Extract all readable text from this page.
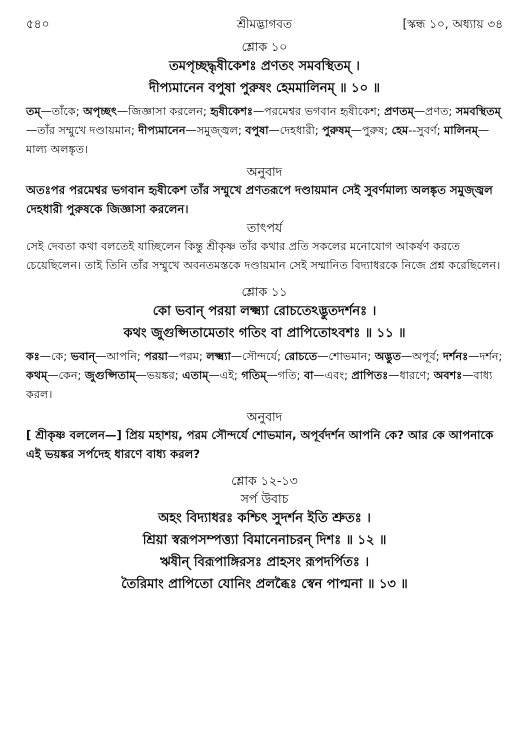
৫৪০	শ্রীমদ্ভাগবত	[স্কন্ধ ১০, অধ্যায় ৩৪

শ্লোক ১০

তমপৃচ্ছদ্ধৃষীকেশঃ প্রণতং সমবস্থিতম্ ।

দীপ্যমানেন বপুষা পুরুষং হেমমালিনম্ ॥ ১০ ॥

তম্—তাঁকে; অপৃচ্ছৎ—জিজ্ঞাসা করলেন; হৃষীকেশঃ—পরমেশ্বর ভগবান হৃষীকেশ; প্রণতম্—প্রণত; সমবস্থিতম্—তাঁর সম্মুখে দণ্ডায়মান; দীপ্যমানেন—সমুজ্জ্বল; বপুষা—দেহধারী; পুরুষম্—পুরুষ; হেম--সুবর্ণ; মালিনম্—মাল্য অলঙ্কৃত।

অনুবাদ

অতঃপর পরমেশ্বর ভগবান হৃষীকেশ তাঁর সম্মুখে প্রণতরূপে দণ্ডায়মান সেই সুবর্ণমাল্য অলঙ্কৃত সমুজ্জ্বল দেহধারী পুরুষকে জিজ্ঞাসা করলেন।

তাৎপর্য

সেই দেবতা কথা বলতেই যাচ্ছিলেন কিন্তু শ্রীকৃষ্ণ তাঁর কথার প্রতি সকলের মনোযোগ আকর্ষণ করতে চেয়েছিলেন। তাই তিনি তাঁর সম্মুখে অবনতমস্তকে দণ্ডায়মান সেই সম্মানিত বিদ্যাধরকে নিজে প্রশ্ন করেছিলেন।

শ্লোক ১১

কো ভবান্ পরয়া লক্ষ্ম্যা রোচতেঽদ্ভুতদর্শনঃ ।

কথং জুগুপ্সিতামেতাং গতিং বা প্রাপিতোঽবশঃ ॥ ১১ ॥

কঃ—কে; ভবান্—আপনি; পরয়া—পরম; লক্ষ্ম্যা—সৌন্দর্যে; রোচতে—শোভমান; অদ্ভুত—অপূর্ব; দর্শনঃ—দর্শন; কথম্—কেন; জুগুপ্সিতাম্—ভয়ঙ্কর; এতাম্—এই; গতিম্—গতি; বা—এবং; প্রাপিতঃ—ধারণে; অবশঃ—বাধ্য করল।

অনুবাদ

[ শ্রীকৃষ্ণ বললেন—] প্রিয় মহাশয়, পরম সৌন্দর্যে শোভমান, অপূর্বদর্শন আপনি কে? আর কে আপনাকে এই ভয়ঙ্কর সর্পদেহ ধারণে বাধ্য করল?

শ্লোক ১২-১৩

সর্প উবাচ

অহং বিদ্যাধরঃ কশ্চিৎ সুদর্শন ইতি শ্রুতঃ ।

শ্রিয়া স্বরূপসম্পত্ত্যা বিমানেনাচরন্ দিশঃ ॥ ১২ ॥

ঋষীন্ বিরূপাঙ্গিরসঃ প্রাহসং রূপদর্পিতঃ ।

তৈরিমাং প্রাপিতো যোনিং প্রলব্ধৈঃ স্বেন পাপ্মনা ॥ ১৩ ॥
